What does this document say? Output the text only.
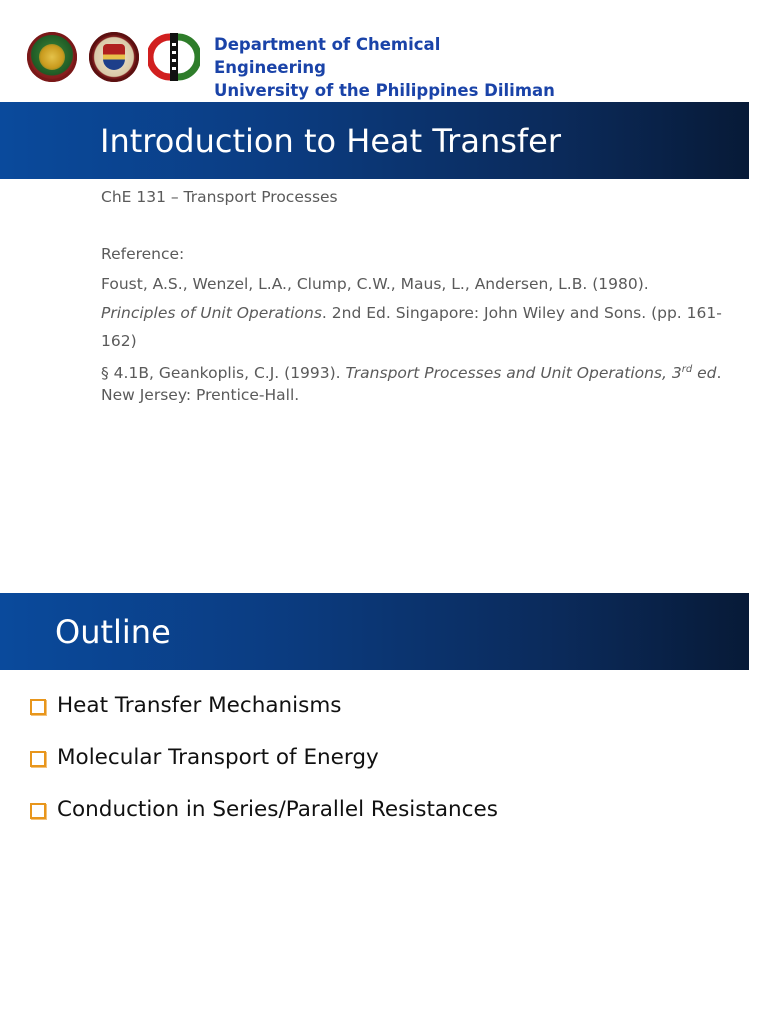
Department of Chemical
Engineering
University of the Philippines Diliman
Introduction to Heat Transfer
ChE 131 – Transport Processes
Reference:

Foust, A.S., Wenzel, L.A., Clump, C.W., Maus, L., Andersen, L.B. (1980).
Principles of Unit Operations. 2nd Ed. Singapore: John Wiley and Sons. (pp. 161-162)

§ 4.1B, Geankoplis, C.J. (1993). Transport Processes and Unit Operations, 3rd ed. New Jersey: Prentice-Hall.

Outline
Heat Transfer Mechanisms
Molecular Transport of Energy
Conduction in Series/Parallel Resistances
